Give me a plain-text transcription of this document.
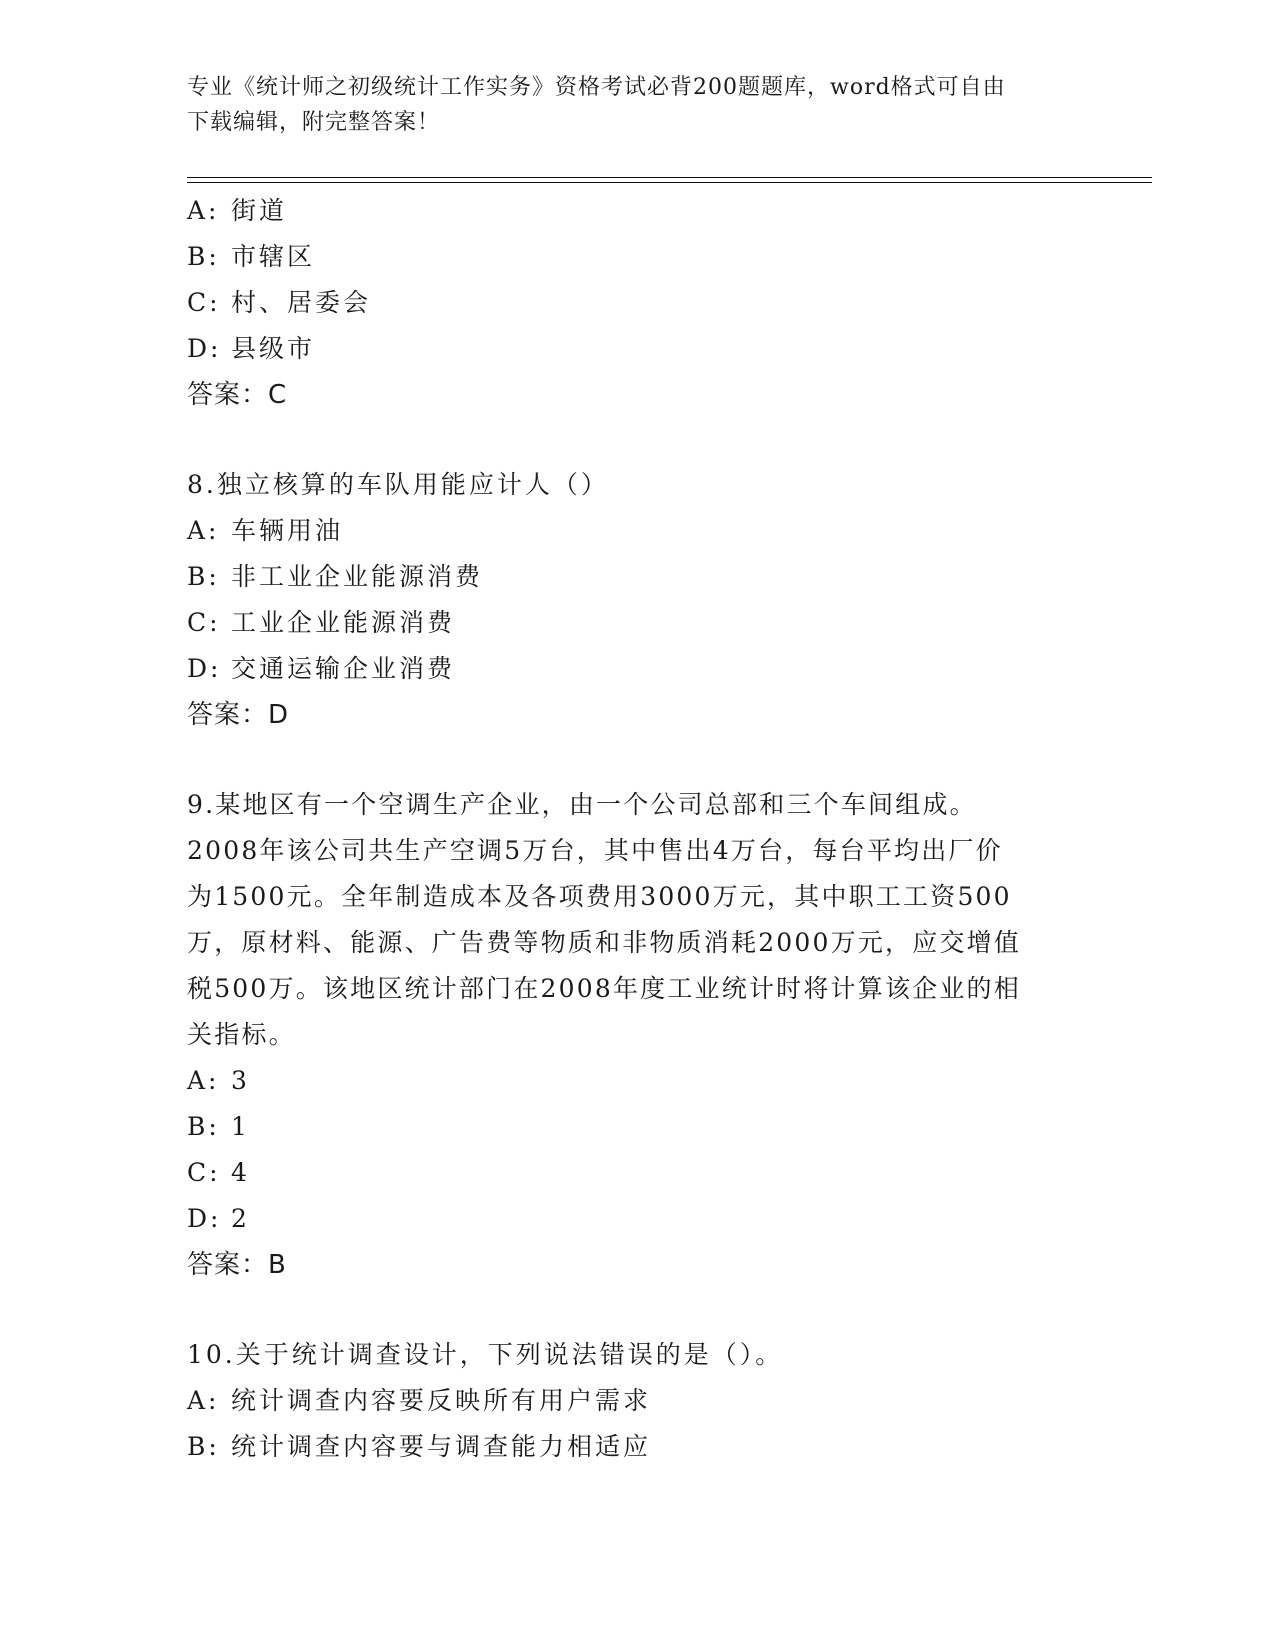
专业《统计师之初级统计工作实务》资格考试必背200题题库，word格式可自由
下载编辑，附完整答案！
A: 街道
B: 市辖区
C: 村、居委会
D: 县级市
答案：C
8.独立核算的车队用能应计人（）
A: 车辆用油
B: 非工业企业能源消费
C: 工业企业能源消费
D: 交通运输企业消费
答案：D
9.某地区有一个空调生产企业，由一个公司总部和三个车间组成。
2008年该公司共生产空调5万台，其中售出4万台，每台平均出厂价
为1500元。全年制造成本及各项费用3000万元，其中职工工资500
万，原材料、能源、广告费等物质和非物质消耗2000万元，应交增值
税500万。该地区统计部门在2008年度工业统计时将计算该企业的相
关指标。
A: 3
B: 1
C: 4
D: 2
答案：B
10.关于统计调查设计，下列说法错误的是（）。
A: 统计调查内容要反映所有用户需求
B: 统计调查内容要与调查能力相适应
